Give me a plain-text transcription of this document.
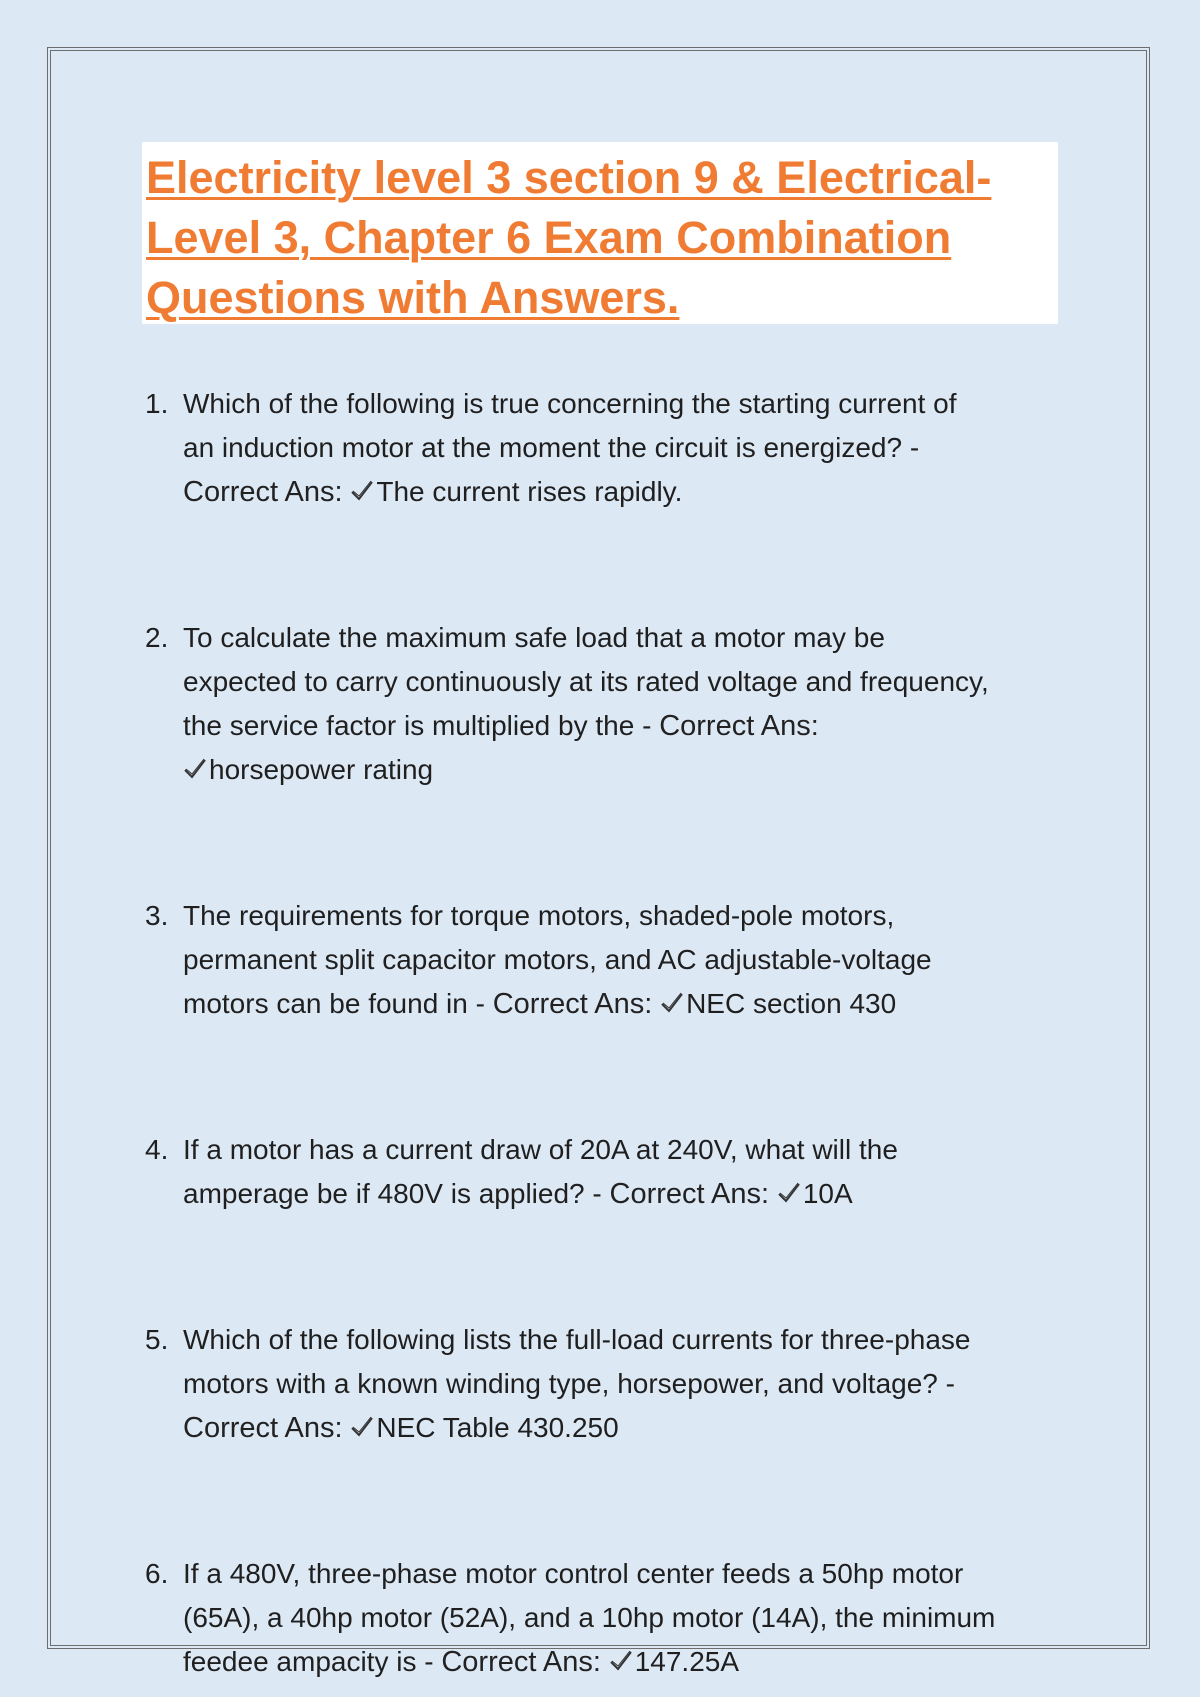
Electricity level 3 section 9 & Electrical-
Level 3, Chapter 6 Exam Combination
Questions with Answers.
1. Which of the following is true concerning the starting current of
an induction motor at the moment the circuit is energized? -
Correct Ans: The current rises rapidly.
2. To calculate the maximum safe load that a motor may be
expected to carry continuously at its rated voltage and frequency,
the service factor is multiplied by the - Correct Ans:

horsepower rating
3. The requirements for torque motors, shaded-pole motors,
permanent split capacitor motors, and AC adjustable-voltage
motors can be found in - Correct Ans: NEC section 430
4. If a motor has a current draw of 20A at 240V, what will the
amperage be if 480V is applied? - Correct Ans: 10A
5. Which of the following lists the full-load currents for three-phase
motors with a known winding type, horsepower, and voltage? -
Correct Ans: NEC Table 430.250
6. If a 480V, three-phase motor control center feeds a 50hp motor
(65A), a 40hp motor (52A), and a 10hp motor (14A), the minimum
feedee ampacity is - Correct Ans: 147.25A
